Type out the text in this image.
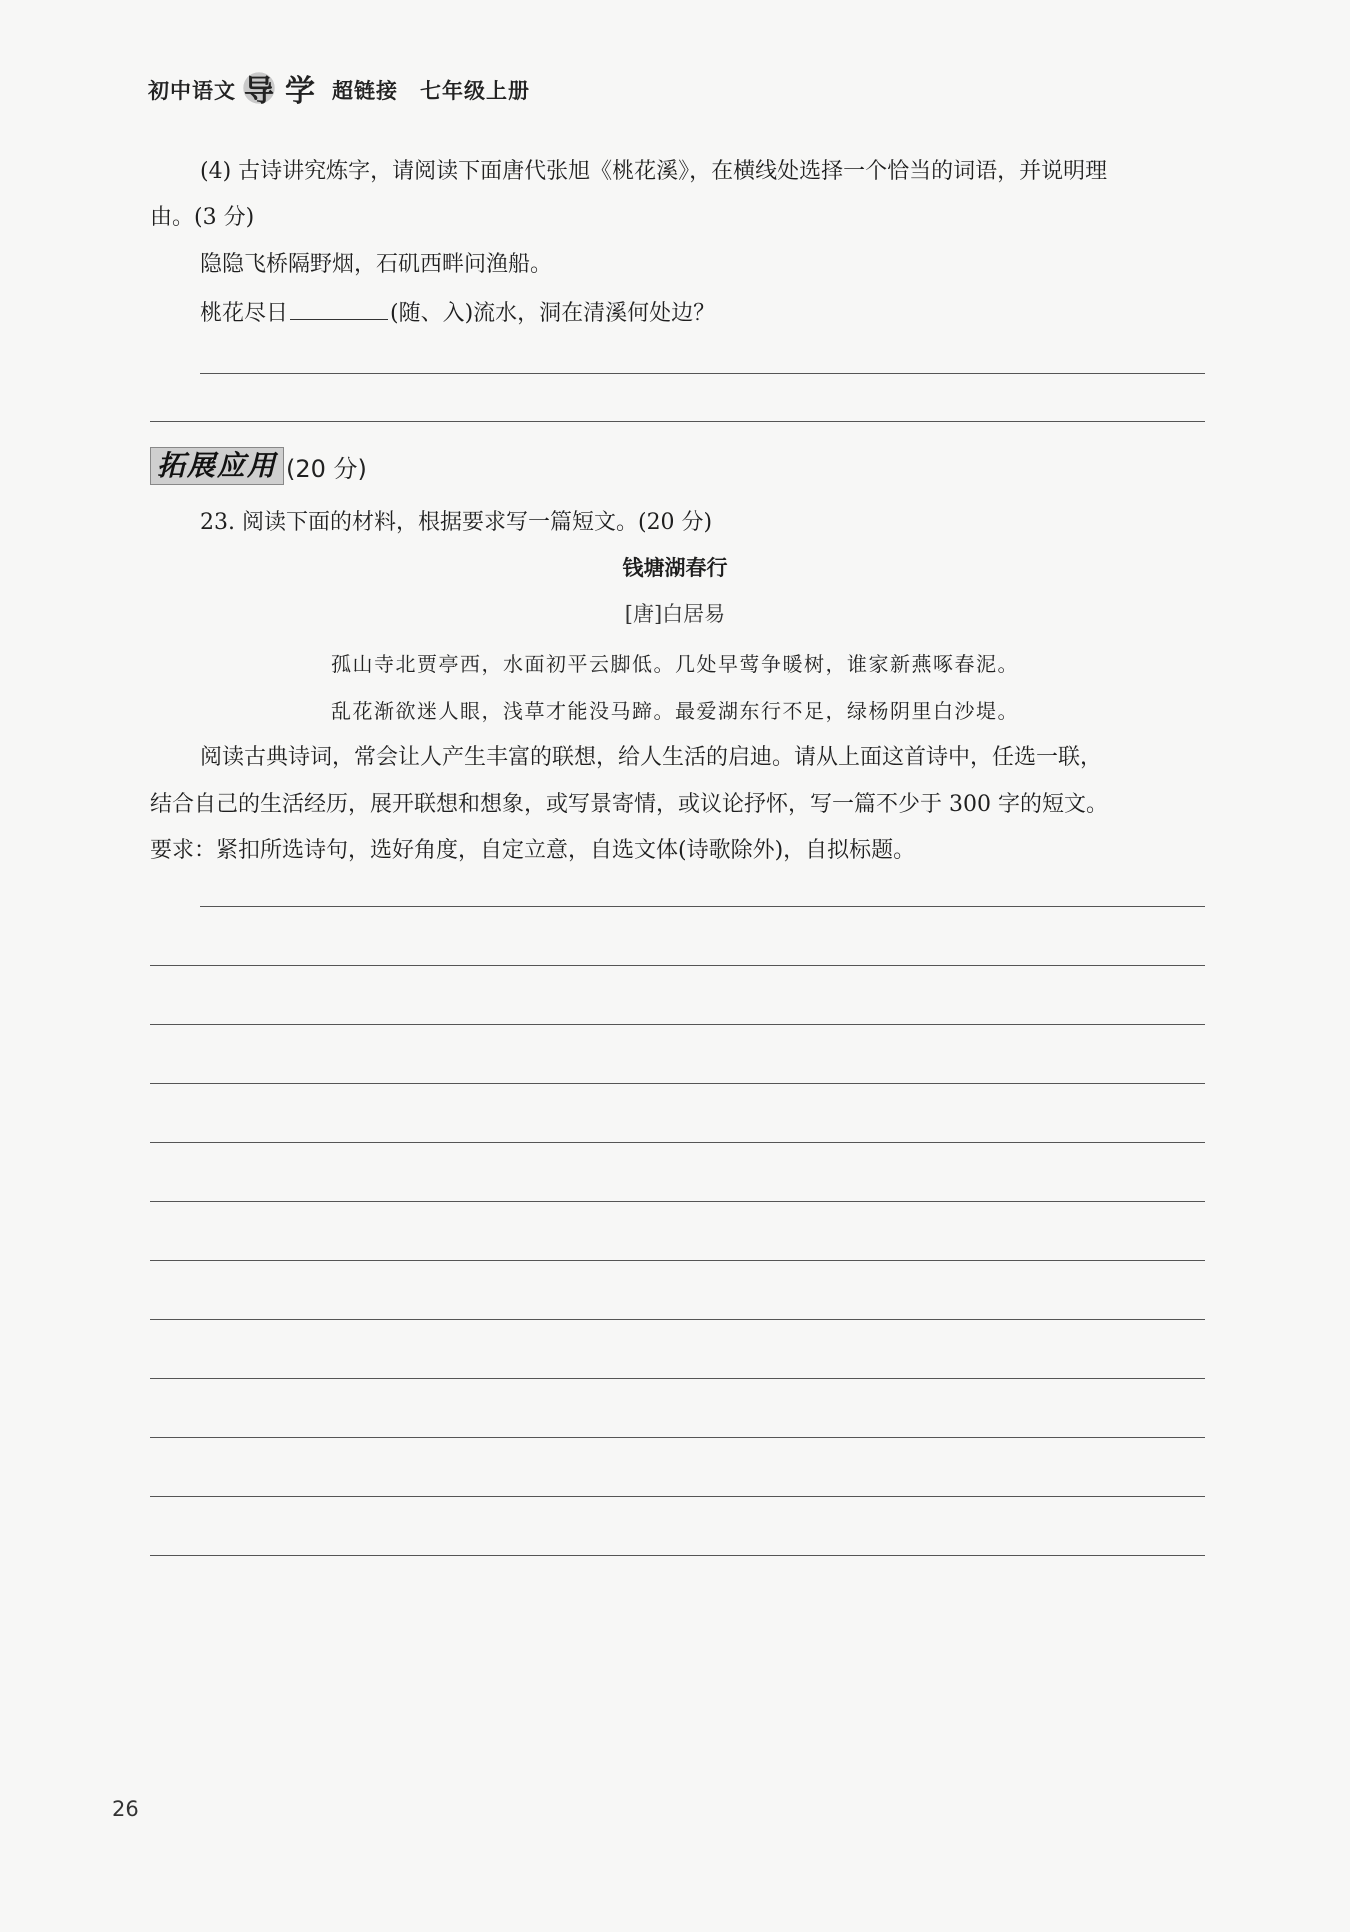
初中语文 导 学 超链接 七年级上册
(4) 古诗讲究炼字，请阅读下面唐代张旭《桃花溪》，在横线处选择一个恰当的词语，并说明理
由。(3 分)
隐隐飞桥隔野烟，石矶西畔问渔船。
桃花尽日	(随、入)流水，洞在清溪何处边？
拓展应用 (20 分)
23. 阅读下面的材料，根据要求写一篇短文。(20 分)
钱塘湖春行
[唐]白居易
孤山寺北贾亭西，水面初平云脚低。几处早莺争暖树，谁家新燕啄春泥。
乱花渐欲迷人眼，浅草才能没马蹄。最爱湖东行不足，绿杨阴里白沙堤。
阅读古典诗词，常会让人产生丰富的联想，给人生活的启迪。请从上面这首诗中，任选一联，
结合自己的生活经历，展开联想和想象，或写景寄情，或议论抒怀，写一篇不少于 300 字的短文。
要求：紧扣所选诗句，选好角度，自定立意，自选文体(诗歌除外)，自拟标题。
26
